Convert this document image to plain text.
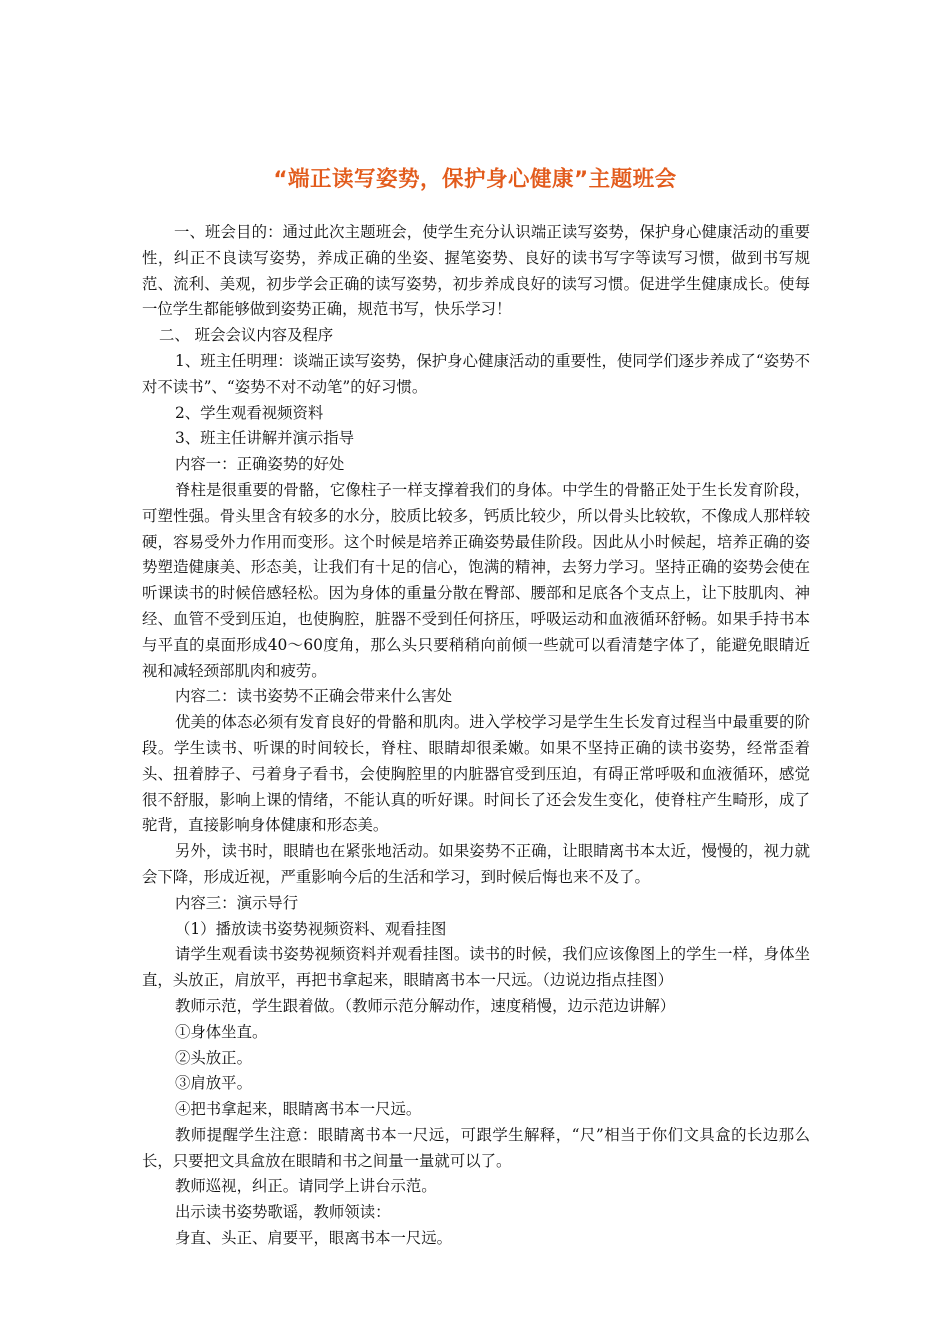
“端正读写姿势，保护身心健康”主题班会

一、班会目的：通过此次主题班会，使学生充分认识端正读写姿势，保护身心健康活动的重要性，纠正不良读写姿势，养成正确的坐姿、握笔姿势、良好的读书写字等读写习惯，做到书写规范、流利、美观，初步学会正确的读写姿势，初步养成良好的读写习惯。促进学生健康成长。使每一位学生都能够做到姿势正确，规范书写，快乐学习！

二、 班会会议内容及程序

1、班主任明理：谈端正读写姿势，保护身心健康活动的重要性，使同学们逐步养成了“姿势不对不读书”、“姿势不对不动笔”的好习惯。

2、学生观看视频资料

3、班主任讲解并演示指导

内容一：正确姿势的好处

脊柱是很重要的骨骼，它像柱子一样支撑着我们的身体。中学生的骨骼正处于生长发育阶段，可塑性强。骨头里含有较多的水分，胶质比较多，钙质比较少，所以骨头比较软，不像成人那样较硬，容易受外力作用而变形。这个时候是培养正确姿势最佳阶段。因此从小时候起，培养正确的姿势塑造健康美、形态美，让我们有十足的信心，饱满的精神，去努力学习。坚持正确的姿势会使在听课读书的时候倍感轻松。因为身体的重量分散在臀部、腰部和足底各个支点上，让下肢肌肉、神经、血管不受到压迫，也使胸腔，脏器不受到任何挤压，呼吸运动和血液循环舒畅。如果手持书本与平直的桌面形成40～60度角，那么头只要稍稍向前倾一些就可以看清楚字体了，能避免眼睛近视和减轻颈部肌肉和疲劳。

内容二：读书姿势不正确会带来什么害处

优美的体态必须有发育良好的骨骼和肌肉。进入学校学习是学生生长发育过程当中最重要的阶段。学生读书、听课的时间较长，脊柱、眼睛却很柔嫩。如果不坚持正确的读书姿势，经常歪着头、扭着脖子、弓着身子看书，会使胸腔里的内脏器官受到压迫，有碍正常呼吸和血液循环，感觉很不舒服，影响上课的情绪，不能认真的听好课。时间长了还会发生变化，使脊柱产生畸形，成了驼背，直接影响身体健康和形态美。

另外，读书时，眼睛也在紧张地活动。如果姿势不正确，让眼睛离书本太近，慢慢的，视力就会下降，形成近视，严重影响今后的生活和学习，到时候后悔也来不及了。

内容三：演示导行

（1）播放读书姿势视频资料、观看挂图

请学生观看读书姿势视频资料并观看挂图。读书的时候，我们应该像图上的学生一样，身体坐直，头放正，肩放平，再把书拿起来，眼睛离书本一尺远。（边说边指点挂图）

教师示范，学生跟着做。（教师示范分解动作，速度稍慢，边示范边讲解）

①身体坐直。

②头放正。

③肩放平。

④把书拿起来，眼睛离书本一尺远。

教师提醒学生注意：眼睛离书本一尺远，可跟学生解释，“尺”相当于你们文具盒的长边那么长，只要把文具盒放在眼睛和书之间量一量就可以了。

教师巡视，纠正。请同学上讲台示范。

出示读书姿势歌谣，教师领读：

身直、头正、肩要平，眼离书本一尺远。
